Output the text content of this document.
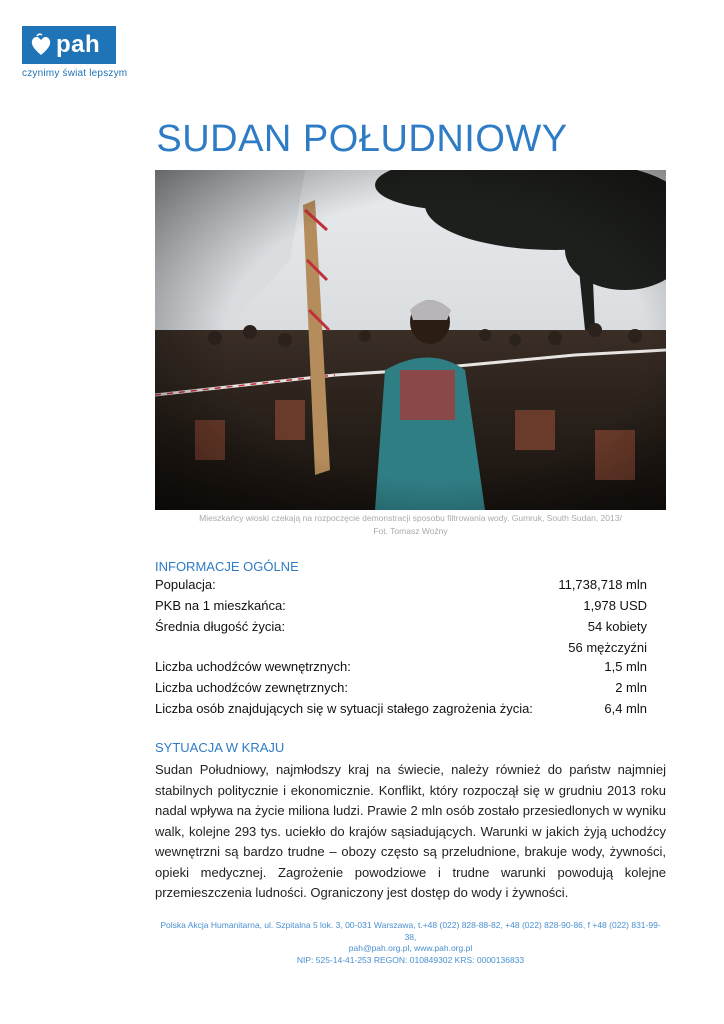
pah
czynimy świat lepszym
SUDAN POŁUDNIOWY
Mieszkańcy wioski czekają na rozpoczęcie demonstracji sposobu filtrowania wody. Gumruk, South Sudan, 2013/
Fot. Tomasz Woźny
INFORMACJE OGÓLNE
Populacja:	11,738,718 mln
PKB na 1 mieszkańca:	1,978 USD
Średnia długość życia:	54 kobiety
56 mężczyźni
Liczba uchodźców wewnętrznych:	1,5 mln
Liczba uchodźców zewnętrznych:	2 mln
Liczba osób znajdujących się w sytuacji stałego zagrożenia życia:	6,4 mln
SYTUACJA W KRAJU
Sudan Południowy, najmłodszy kraj na świecie, należy również do państw najmniej stabilnych politycznie i ekonomicznie. Konflikt, który rozpoczął się w grudniu 2013 roku nadal wpływa na życie miliona ludzi. Prawie 2 mln osób zostało przesiedlonych w wyniku walk, kolejne 293 tys. uciekło do krajów sąsiadujących. Warunki w jakich żyją uchodźcy wewnętrzni są bardzo trudne – obozy często są przeludnione, brakuje wody, żywności, opieki medycznej. Zagrożenie powodziowe i trudne warunki powodują kolejne przemieszczenia ludności. Ograniczony jest dostęp do wody i żywności.
Polska Akcja Humanitarna, ul. Szpitalna 5 lok. 3, 00-031 Warszawa, t.+48 (022) 828-88-82, +48 (022) 828-90-86, f +48 (022) 831-99-38,
pah@pah.org.pl, www.pah.org.pl
NIP: 525-14-41-253 REGON: 010849302 KRS: 0000136833
